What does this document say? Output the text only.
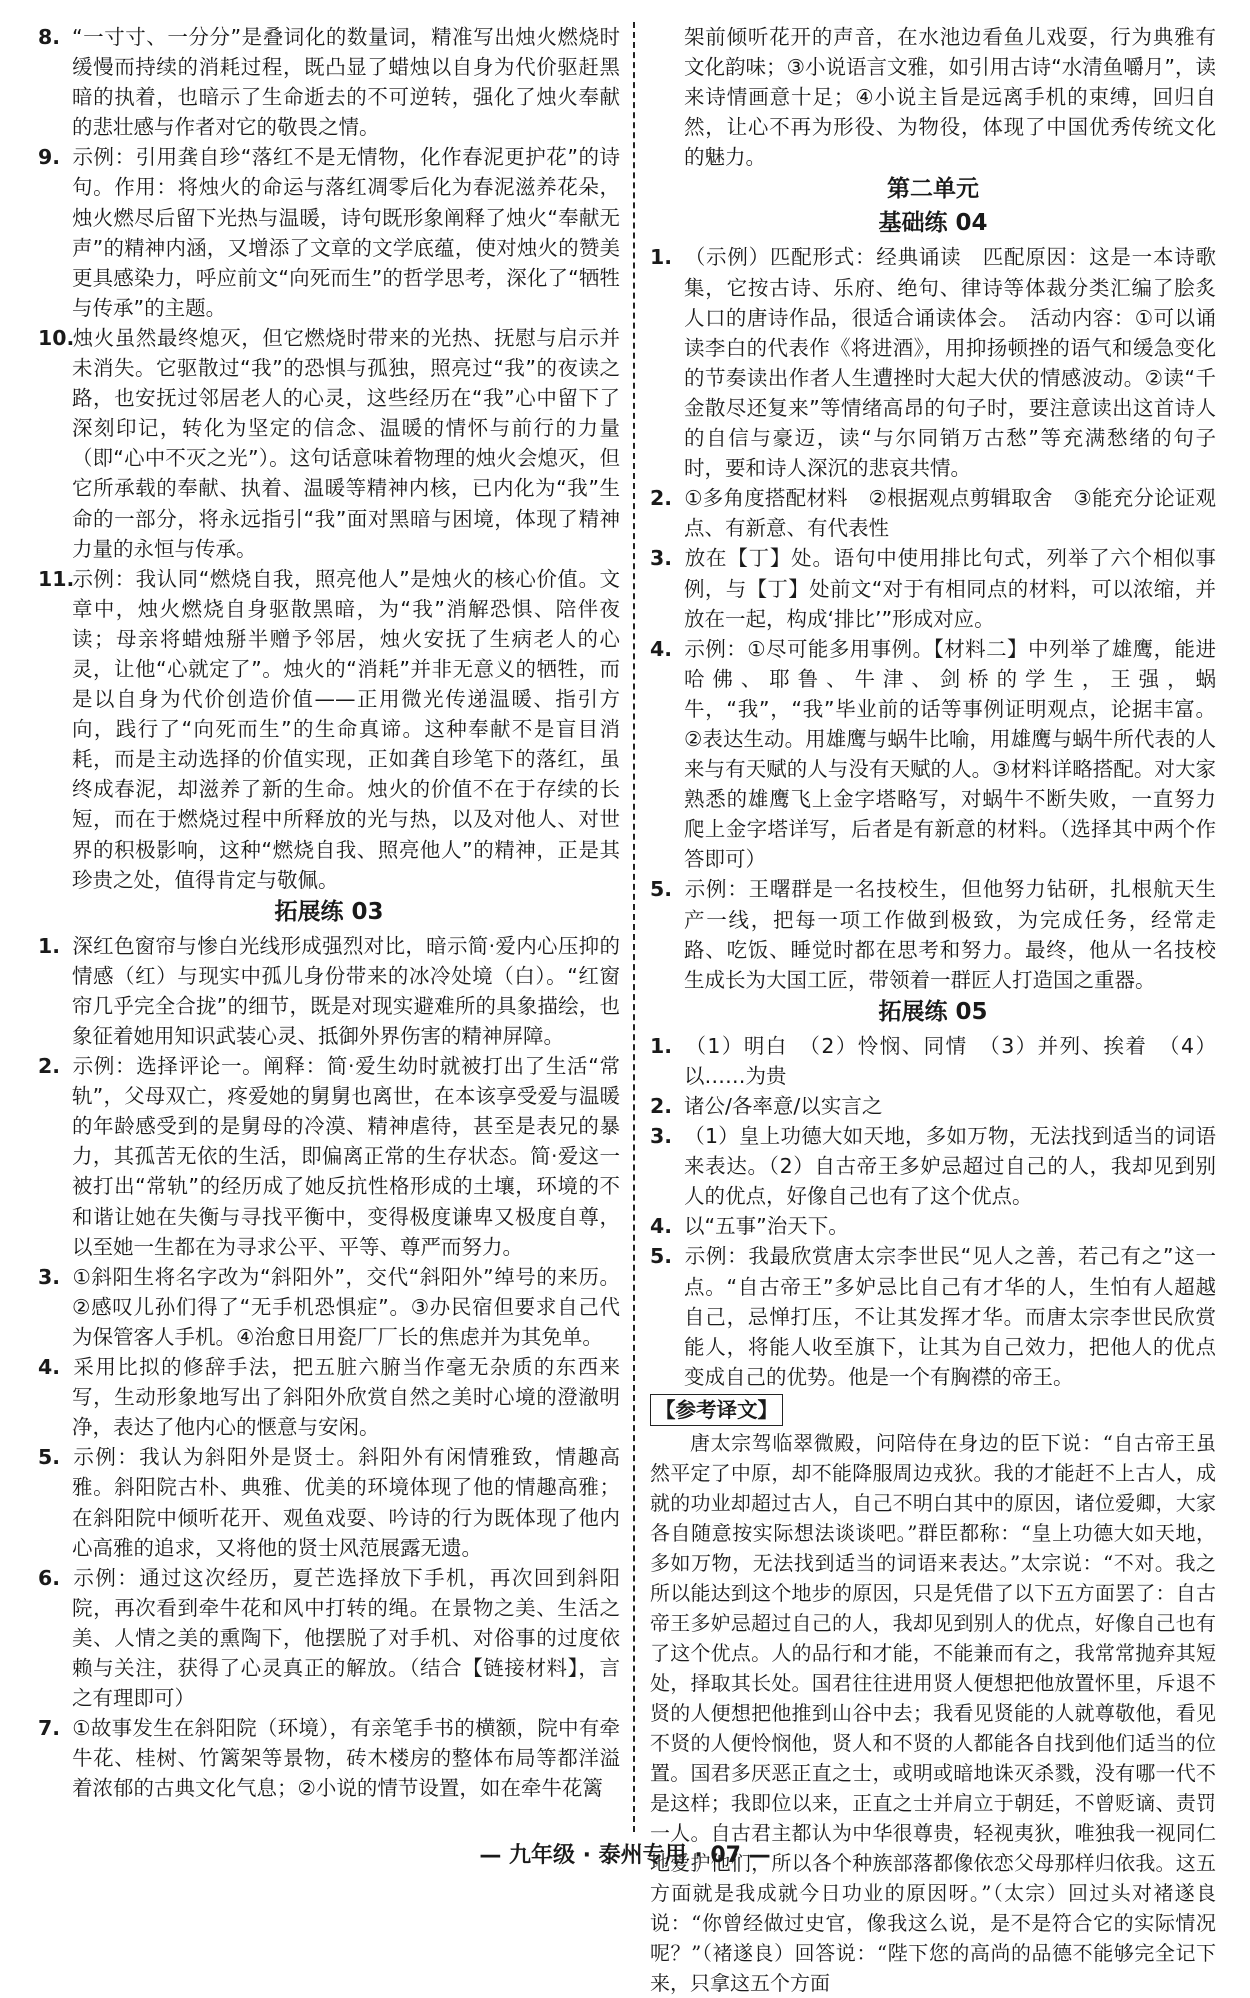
8. “一寸寸、一分分”是叠词化的数量词，精准写出烛火燃烧时缓慢而持续的消耗过程，既凸显了蜡烛以自身为代价驱赶黑暗的执着，也暗示了生命逝去的不可逆转，强化了烛火奉献的悲壮感与作者对它的敬畏之情。
9. 示例：引用龚自珍“落红不是无情物，化作春泥更护花”的诗句。作用：将烛火的命运与落红凋零后化为春泥滋养花朵，烛火燃尽后留下光热与温暖，诗句既形象阐释了烛火“奉献无声”的精神内涵，又增添了文章的文学底蕴，使对烛火的赞美更具感染力，呼应前文“向死而生”的哲学思考，深化了“牺牲与传承”的主题。
10.烛火虽然最终熄灭，但它燃烧时带来的光热、抚慰与启示并未消失。它驱散过“我”的恐惧与孤独，照亮过“我”的夜读之路，也安抚过邻居老人的心灵，这些经历在“我”心中留下了深刻印记，转化为坚定的信念、温暖的情怀与前行的力量（即“心中不灭之光”）。这句话意味着物理的烛火会熄灭，但它所承载的奉献、执着、温暖等精神内核，已内化为“我”生命的一部分，将永远指引“我”面对黑暗与困境，体现了精神力量的永恒与传承。
11.示例：我认同“燃烧自我，照亮他人”是烛火的核心价值。文章中，烛火燃烧自身驱散黑暗，为“我”消解恐惧、陪伴夜读；母亲将蜡烛掰半赠予邻居，烛火安抚了生病老人的心灵，让他“心就定了”。烛火的“消耗”并非无意义的牺牲，而是以自身为代价创造价值——正用微光传递温暖、指引方向，践行了“向死而生”的生命真谛。这种奉献不是盲目消耗，而是主动选择的价值实现，正如龚自珍笔下的落红，虽终成春泥，却滋养了新的生命。烛火的价值不在于存续的长短，而在于燃烧过程中所释放的光与热，以及对他人、对世界的积极影响，这种“燃烧自我、照亮他人”的精神，正是其珍贵之处，值得肯定与敬佩。
拓展练 03
1. 深红色窗帘与惨白光线形成强烈对比，暗示简·爱内心压抑的情感（红）与现实中孤儿身份带来的冰冷处境（白）。“红窗帘几乎完全合拢”的细节，既是对现实避难所的具象描绘，也象征着她用知识武装心灵、抵御外界伤害的精神屏障。
2. 示例：选择评论一。阐释：简·爱生幼时就被打出了生活“常轨”，父母双亡，疼爱她的舅舅也离世，在本该享受爱与温暖的年龄感受到的是舅母的冷漠、精神虐待，甚至是表兄的暴力，其孤苦无依的生活，即偏离正常的生存状态。简·爱这一被打出“常轨”的经历成了她反抗性格形成的土壤，环境的不和谐让她在失衡与寻找平衡中，变得极度谦卑又极度自尊，以至她一生都在为寻求公平、平等、尊严而努力。
3. ①斜阳生将名字改为“斜阳外”，交代“斜阳外”绰号的来历。②感叹儿孙们得了“无手机恐惧症”。③办民宿但要求自己代为保管客人手机。④治愈日用瓷厂厂长的焦虑并为其免单。
4. 采用比拟的修辞手法，把五脏六腑当作毫无杂质的东西来写，生动形象地写出了斜阳外欣赏自然之美时心境的澄澈明净，表达了他内心的惬意与安闲。
5. 示例：我认为斜阳外是贤士。斜阳外有闲情雅致，情趣高雅。斜阳院古朴、典雅、优美的环境体现了他的情趣高雅；在斜阳院中倾听花开、观鱼戏耍、吟诗的行为既体现了他内心高雅的追求，又将他的贤士风范展露无遗。
6. 示例：通过这次经历，夏芒选择放下手机，再次回到斜阳院，再次看到牵牛花和风中打转的绳。在景物之美、生活之美、人情之美的熏陶下，他摆脱了对手机、对俗事的过度依赖与关注，获得了心灵真正的解放。（结合【链接材料】，言之有理即可）
7. ①故事发生在斜阳院（环境），有亲笔手书的横额，院中有牵牛花、桂树、竹篱架等景物，砖木楼房的整体布局等都洋溢着浓郁的古典文化气息；②小说的情节设置，如在牵牛花篱
架前倾听花开的声音，在水池边看鱼儿戏耍，行为典雅有文化韵味；③小说语言文雅，如引用古诗“水清鱼嚼月”，读来诗情画意十足；④小说主旨是远离手机的束缚，回归自然，让心不再为形役、为物役，体现了中国优秀传统文化的魅力。
第二单元
基础练 04
1. （示例）匹配形式：经典诵读　匹配原因：这是一本诗歌集，它按古诗、乐府、绝句、律诗等体裁分类汇编了脍炙人口的唐诗作品，很适合诵读体会。　活动内容：①可以诵读李白的代表作《将进酒》，用抑扬顿挫的语气和缓急变化的节奏读出作者人生遭挫时大起大伏的情感波动。②读“千金散尽还复来”等情绪高昂的句子时，要注意读出这首诗人的自信与豪迈，读“与尔同销万古愁”等充满愁绪的句子时，要和诗人深沉的悲哀共情。
2. ①多角度搭配材料　②根据观点剪辑取舍　③能充分论证观点、有新意、有代表性
3. 放在【丁】处。语句中使用排比句式，列举了六个相似事例，与【丁】处前文“对于有相同点的材料，可以浓缩，并放在一起，构成‘排比’”形成对应。
4. 示例：①尽可能多用事例。【材料二】中列举了雄鹰，能进哈佛、耶鲁、牛津、剑桥的学生，王强，蜗牛，“我”，“我”毕业前的话等事例证明观点，论据丰富。②表达生动。用雄鹰与蜗牛比喻，用雄鹰与蜗牛所代表的人来与有天赋的人与没有天赋的人。③材料详略搭配。对大家熟悉的雄鹰飞上金字塔略写，对蜗牛不断失败，一直努力爬上金字塔详写，后者是有新意的材料。（选择其中两个作答即可）
5. 示例：王曙群是一名技校生，但他努力钻研，扎根航天生产一线，把每一项工作做到极致，为完成任务，经常走路、吃饭、睡觉时都在思考和努力。最终，他从一名技校生成长为大国工匠，带领着一群匠人打造国之重器。
拓展练 05
1. （1）明白　（2）怜悯、同情　（3）并列、挨着　（4）以……为贵
2. 诸公/各率意/以实言之
3. （1）皇上功德大如天地，多如万物，无法找到适当的词语来表达。（2）自古帝王多妒忌超过自己的人，我却见到别人的优点，好像自己也有了这个优点。
4. 以“五事”治天下。
5. 示例：我最欣赏唐太宗李世民“见人之善，若己有之”这一点。“自古帝王”多妒忌比自己有才华的人，生怕有人超越自己，忌惮打压，不让其发挥才华。而唐太宗李世民欣赏能人，将能人收至旗下，让其为自己效力，把他人的优点变成自己的优势。他是一个有胸襟的帝王。
【参考译文】

唐太宗驾临翠微殿，问陪侍在身边的臣下说：“自古帝王虽然平定了中原，却不能降服周边戎狄。我的才能赶不上古人，成就的功业却超过古人，自己不明白其中的原因，诸位爱卿，大家各自随意按实际想法谈谈吧。”群臣都称：“皇上功德大如天地，多如万物，无法找到适当的词语来表达。”太宗说：“不对。我之所以能达到这个地步的原因，只是凭借了以下五方面罢了：自古帝王多妒忌超过自己的人，我却见到别人的优点，好像自己也有了这个优点。人的品行和才能，不能兼而有之，我常常抛弃其短处，择取其长处。国君往往进用贤人便想把他放置怀里，斥退不贤的人便想把他推到山谷中去；我看见贤能的人就尊敬他，看见不贤的人便怜悯他，贤人和不贤的人都能各自找到他们适当的位置。国君多厌恶正直之士，或明或暗地诛灭杀戮，没有哪一代不是这样；我即位以来，正直之士并肩立于朝廷，不曾贬谪、责罚一人。自古君主都认为中华很尊贵，轻视夷狄，唯独我一视同仁地爱护他们，所以各个种族部落都像依恋父母那样归依我。这五方面就是我成就今日功业的原因呀。”（太宗）回过头对褚遂良说：“你曾经做过史官，像我这么说，是不是符合它的实际情况呢？”（褚遂良）回答说：“陛下您的高尚的品德不能够完全记下来，只拿这五个方面

— 九年级 · 泰州专用 · 07 —
